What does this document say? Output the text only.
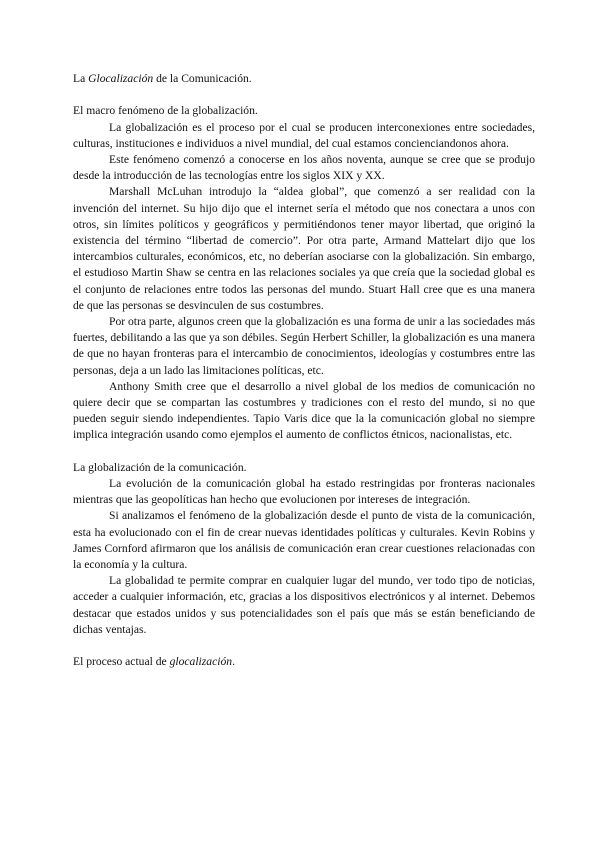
La Glocalización de la Comunicación.

El macro fenómeno de la globalización.

La globalización es el proceso por el cual se producen interconexiones entre sociedades, culturas, instituciones e individuos a nivel mundial, del cual estamos concienciandonos ahora.

Este fenómeno comenzó a conocerse en los años noventa, aunque se cree que se produjo desde la introducción de las tecnologías entre los siglos XIX y XX.

Marshall McLuhan introdujo la “aldea global”, que comenzó a ser realidad con la invención del internet. Su hijo dijo que el internet sería el método que nos conectara a unos con otros, sin límites políticos y geográficos y permitiéndonos tener mayor libertad, que originó la existencia del término “libertad de comercio”. Por otra parte, Armand Mattelart dijo que los intercambios culturales, económicos, etc, no deberían asociarse con la globalización. Sin embargo, el estudioso Martin Shaw se centra en las relaciones sociales ya que creía que la sociedad global es el conjunto de relaciones entre todos las personas del mundo. Stuart Hall cree que es una manera de que las personas se desvinculen de sus costumbres.

Por otra parte, algunos creen que la globalización es una forma de unir a las sociedades más fuertes, debilitando a las que ya son débiles. Según Herbert Schiller, la globalización es una manera de que no hayan fronteras para el intercambio de conocimientos, ideologías y costumbres entre las personas, deja a un lado las limitaciones políticas, etc.

Anthony Smith cree que el desarrollo a nivel global de los medios de comunicación no quiere decir que se compartan las costumbres y tradiciones con el resto del mundo, si no que pueden seguir siendo independientes. Tapio Varis dice que la la comunicación global no siempre implica integración usando como ejemplos el aumento de conflictos étnicos, nacionalistas, etc.

La globalización de la comunicación.

La evolución de la comunicación global ha estado restringidas por fronteras nacionales mientras que las geopolíticas han hecho que evolucionen por intereses de integración.

Si analizamos el fenómeno de la globalización desde el punto de vista de la comunicación, esta ha evolucionado con el fin de crear nuevas identidades políticas y culturales. Kevin Robins y James Cornford afirmaron que los análisis de comunicación eran crear cuestiones relacionadas con la economía y la cultura.

La globalidad te permite comprar en cualquier lugar del mundo, ver todo tipo de noticias, acceder a cualquier información, etc, gracias a los dispositivos electrónicos y al internet. Debemos destacar que estados unidos y sus potencialidades son el país que más se están beneficiando de dichas ventajas.

El proceso actual de glocalización.
